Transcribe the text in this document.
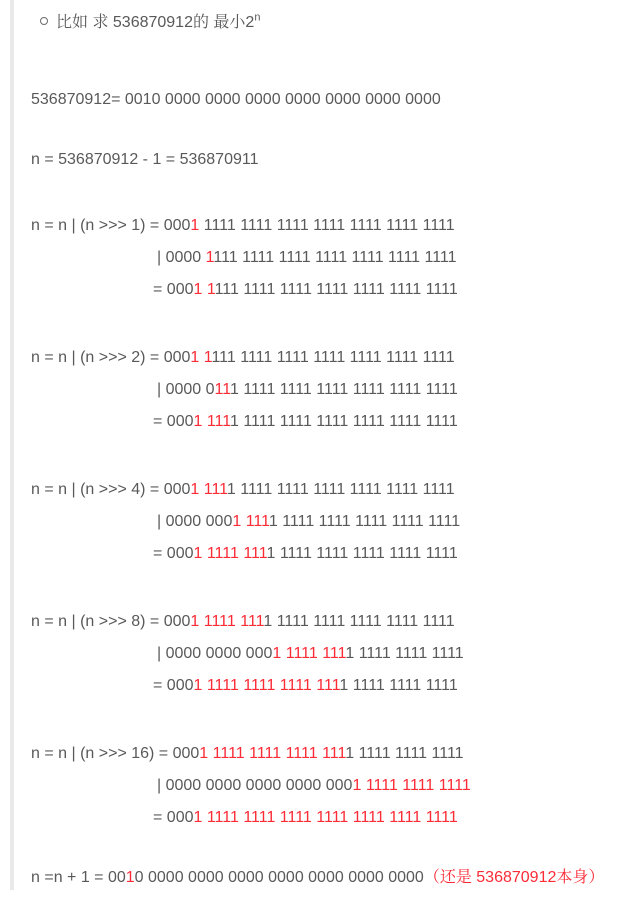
比如 求 536870912的 最小2$^n$
536870912= 0010 0000 0000 0000 0000 0000 0000 0000
n = 536870912 - 1 = 536870911
n = n | (n >>> 1) = 0001 1111 1111 1111 1111 1111 1111 1111
| 0000 1111 1111 1111 1111 1111 1111 1111
= 0001 1111 1111 1111 1111 1111 1111 1111
n = n | (n >>> 2) = 0001 1111 1111 1111 1111 1111 1111 1111
| 0000 0111 1111 1111 1111 1111 1111 1111
= 0001 1111 1111 1111 1111 1111 1111 1111
n = n | (n >>> 4) = 0001 1111 1111 1111 1111 1111 1111 1111
| 0000 0001 1111 1111 1111 1111 1111 1111
= 0001 1111 1111 1111 1111 1111 1111 1111
n = n | (n >>> 8) = 0001 1111 1111 1111 1111 1111 1111 1111
| 0000 0000 0001 1111 1111 1111 1111 1111
= 0001 1111 1111 1111 1111 1111 1111 1111
n = n | (n >>> 16) = 0001 1111 1111 1111 1111 1111 1111 1111
| 0000 0000 0000 0000 0001 1111 1111 1111
= 0001 1111 1111 1111 1111 1111 1111 1111
n =n + 1 = 0010 0000 0000 0000 0000 0000 0000 0000（还是 536870912本身）
